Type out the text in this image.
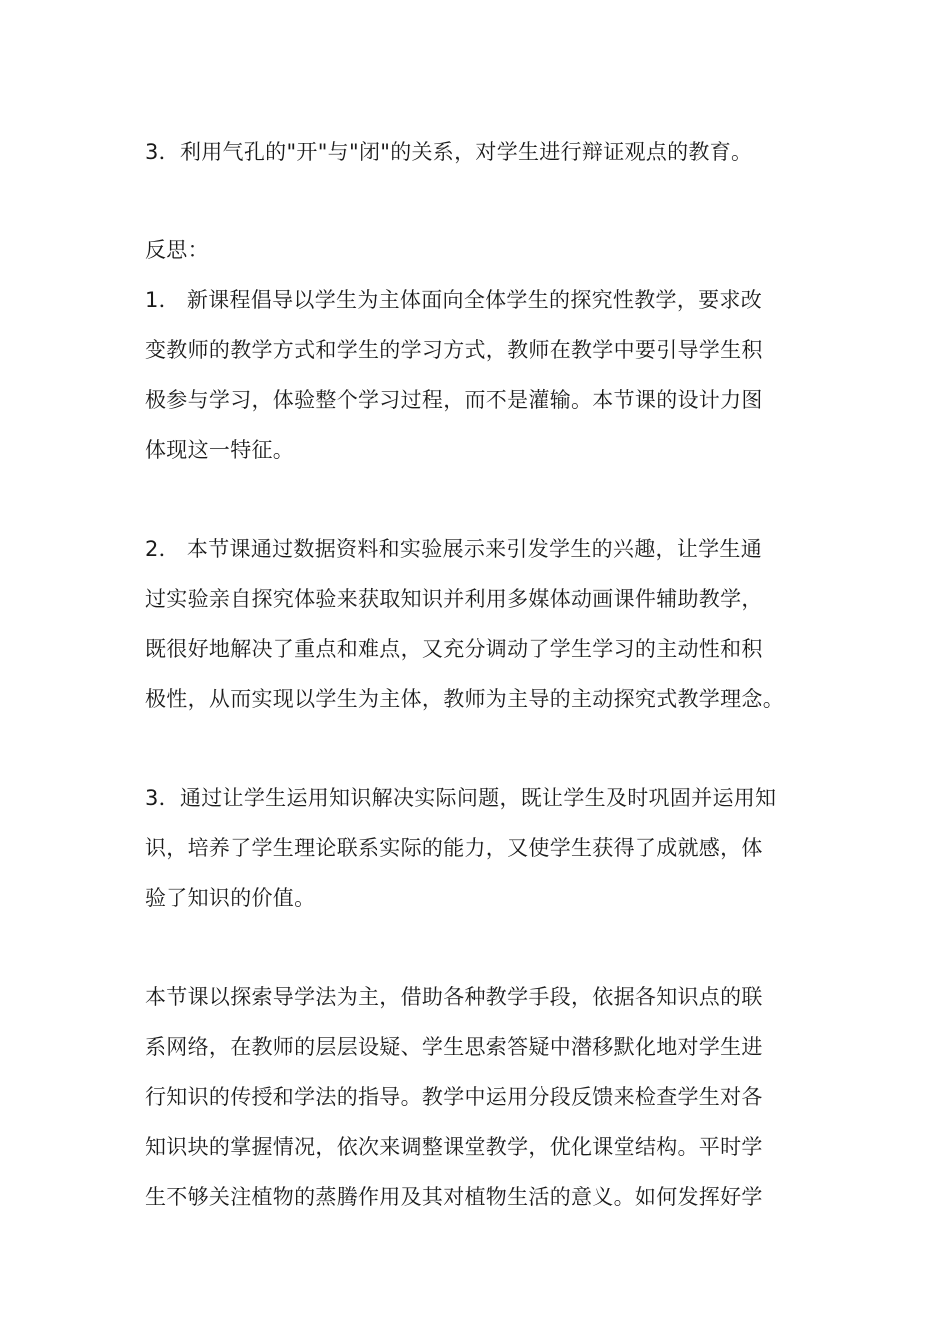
3．利用气孔的"开"与"闭"的关系，对学生进行辩证观点的教育。
反思：
1． 新课程倡导以学生为主体面向全体学生的探究性教学，要求改
变教师的教学方式和学生的学习方式，教师在教学中要引导学生积
极参与学习，体验整个学习过程，而不是灌输。本节课的设计力图
体现这一特征。
2． 本节课通过数据资料和实验展示来引发学生的兴趣，让学生通
过实验亲自探究体验来获取知识并利用多媒体动画课件辅助教学，
既很好地解决了重点和难点，又充分调动了学生学习的主动性和积
极性，从而实现以学生为主体，教师为主导的主动探究式教学理念。
3．通过让学生运用知识解决实际问题，既让学生及时巩固并运用知
识，培养了学生理论联系实际的能力，又使学生获得了成就感，体
验了知识的价值。
本节课以探索导学法为主，借助各种教学手段，依据各知识点的联
系网络，在教师的层层设疑、学生思索答疑中潜移默化地对学生进
行知识的传授和学法的指导。教学中运用分段反馈来检查学生对各
知识块的掌握情况，依次来调整课堂教学，优化课堂结构。平时学
生不够关注植物的蒸腾作用及其对植物生活的意义。如何发挥好学
